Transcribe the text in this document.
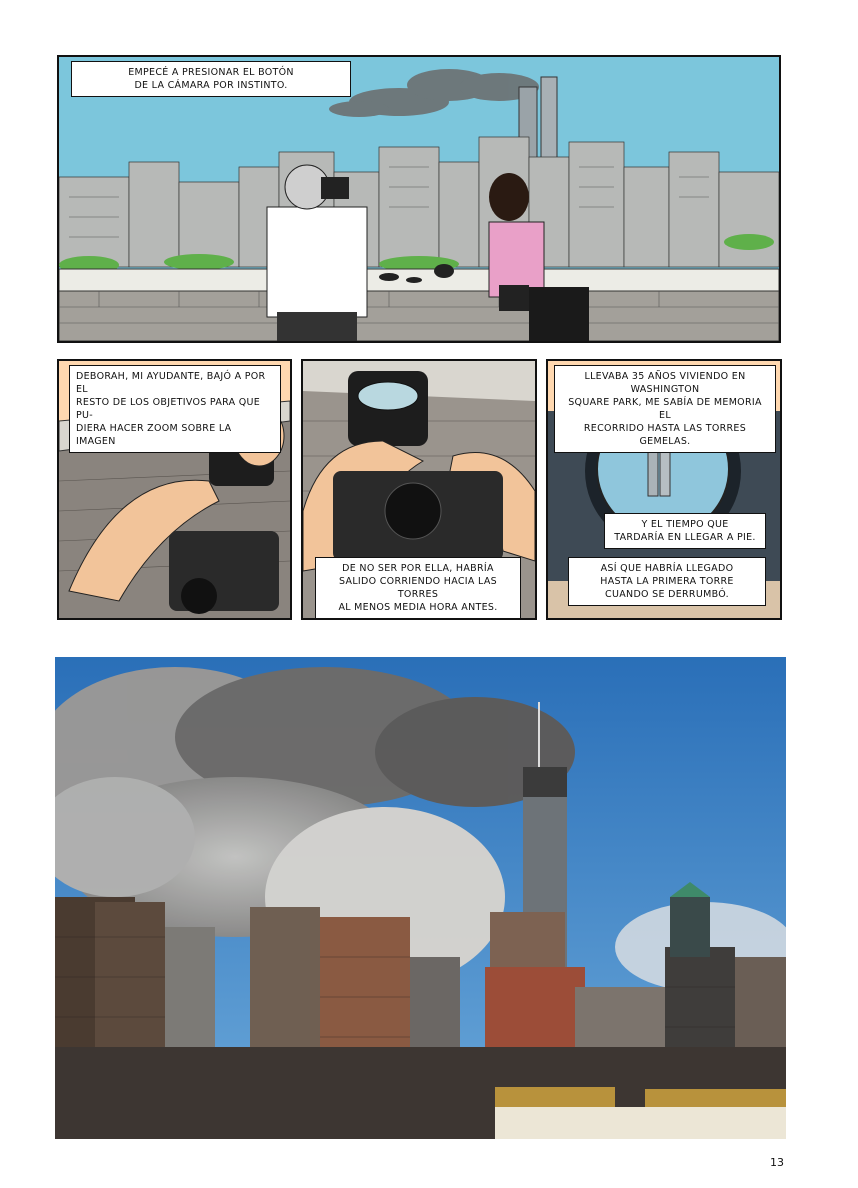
EMPECÉ A PRESIONAR EL BOTÓN
DE LA CÁMARA POR INSTINTO.
DEBORAH, MI AYUDANTE, BAJÓ A POR EL
RESTO DE LOS OBJETIVOS PARA QUE PU-
DIERA HACER ZOOM SOBRE LA IMAGEN
DE NO SER POR ELLA, HABRÍA
SALIDO CORRIENDO HACIA LAS TORRES
AL MENOS MEDIA HORA ANTES.
LLEVABA 35 AÑOS VIVIENDO EN WASHINGTON
SQUARE PARK, ME SABÍA DE MEMORIA EL
RECORRIDO HASTA LAS TORRES GEMELAS.
Y EL TIEMPO QUE
TARDARÍA EN LLEGAR A PIE.
ASÍ QUE HABRÍA LLEGADO
HASTA LA PRIMERA TORRE
CUANDO SE DERRUMBÓ.
13
